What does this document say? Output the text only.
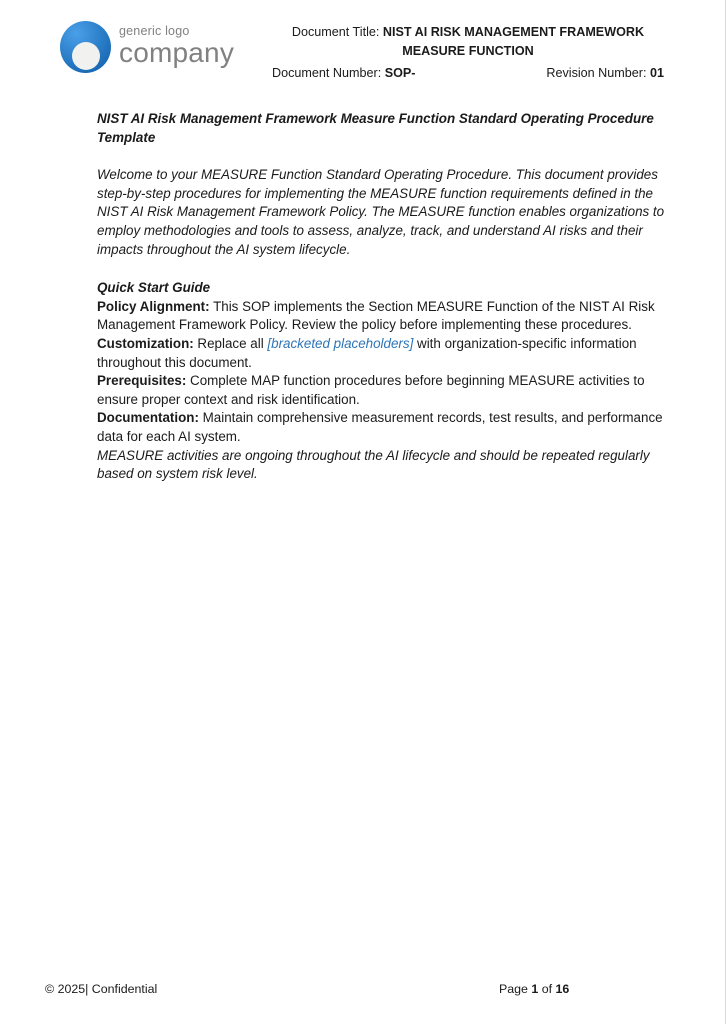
generic logo
company
Document Title: NIST AI RISK MANAGEMENT FRAMEWORK MEASURE FUNCTION
Document Number: SOP-	Revision Number: 01
NIST AI Risk Management Framework Measure Function Standard Operating Procedure Template

Welcome to your MEASURE Function Standard Operating Procedure. This document provides step-by-step procedures for implementing the MEASURE function requirements defined in the NIST AI Risk Management Framework Policy. The MEASURE function enables organizations to employ methodologies and tools to assess, analyze, track, and understand AI risks and their impacts throughout the AI system lifecycle.

Quick Start Guide

Policy Alignment: This SOP implements the Section MEASURE Function of the NIST AI Risk Management Framework Policy. Review the policy before implementing these procedures.

Customization: Replace all [bracketed placeholders] with organization-specific information throughout this document.

Prerequisites: Complete MAP function procedures before beginning MEASURE activities to ensure proper context and risk identification.

Documentation: Maintain comprehensive measurement records, test results, and performance data for each AI system.

MEASURE activities are ongoing throughout the AI lifecycle and should be repeated regularly based on system risk level.

© 2025| Confidential	Page 1 of 16
